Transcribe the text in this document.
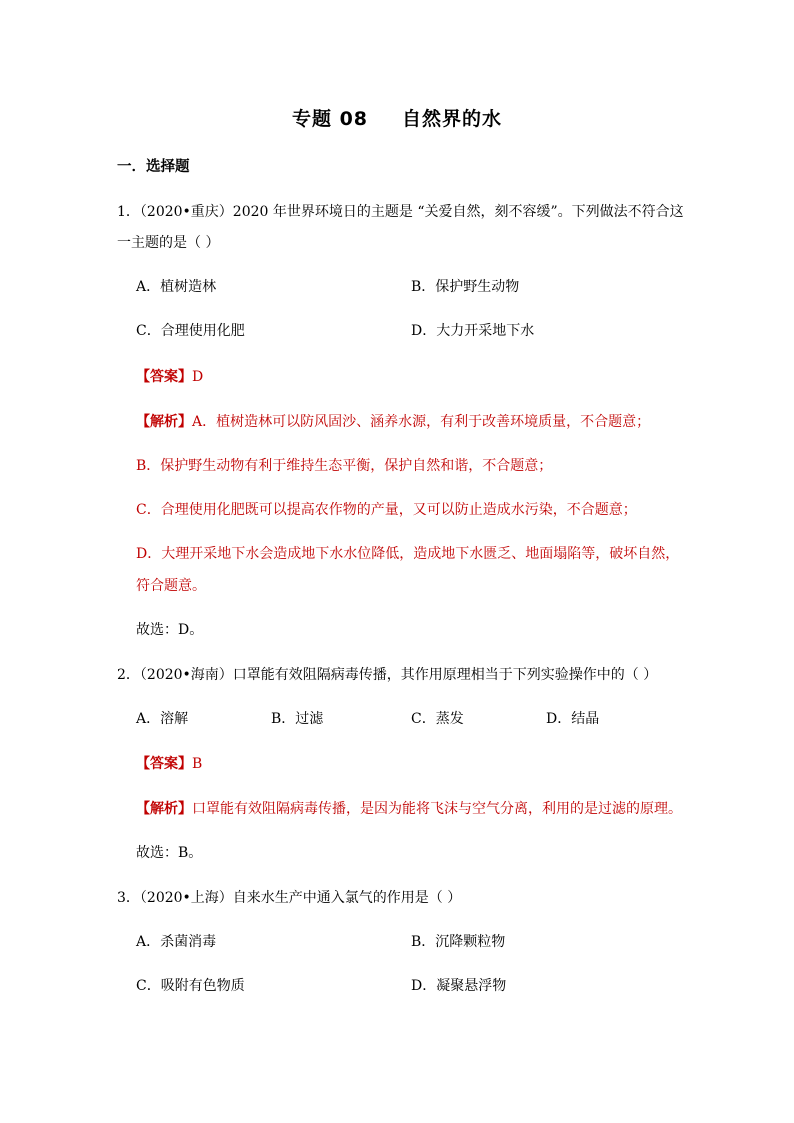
专题 08 自然界的水
一．选择题
1．（2020•重庆）2020 年世界环境日的主题是 “关爱自然，刻不容缓”。下列做法不符合这
一主题的是（ ）
A．植树造林	B．保护野生动物
C．合理使用化肥	D．大力开采地下水
【答案】D
【解析】A．植树造林可以防风固沙、涵养水源，有利于改善环境质量，不合题意；
B．保护野生动物有利于维持生态平衡，保护自然和谐，不合题意；
C．合理使用化肥既可以提高农作物的产量，又可以防止造成水污染，不合题意；
D．大理开采地下水会造成地下水水位降低，造成地下水匮乏、地面塌陷等，破坏自然，
符合题意。
故选：D。
2．（2020•海南）口罩能有效阻隔病毒传播，其作用原理相当于下列实验操作中的（ ）
A．溶解	B．过滤	C．蒸发	D．结晶
【答案】B
【解析】口罩能有效阻隔病毒传播，是因为能将飞沫与空气分离，利用的是过滤的原理。
故选：B。
3．（2020•上海）自来水生产中通入氯气的作用是（ ）
A．杀菌消毒	B．沉降颗粒物
C．吸附有色物质	D．凝聚悬浮物
